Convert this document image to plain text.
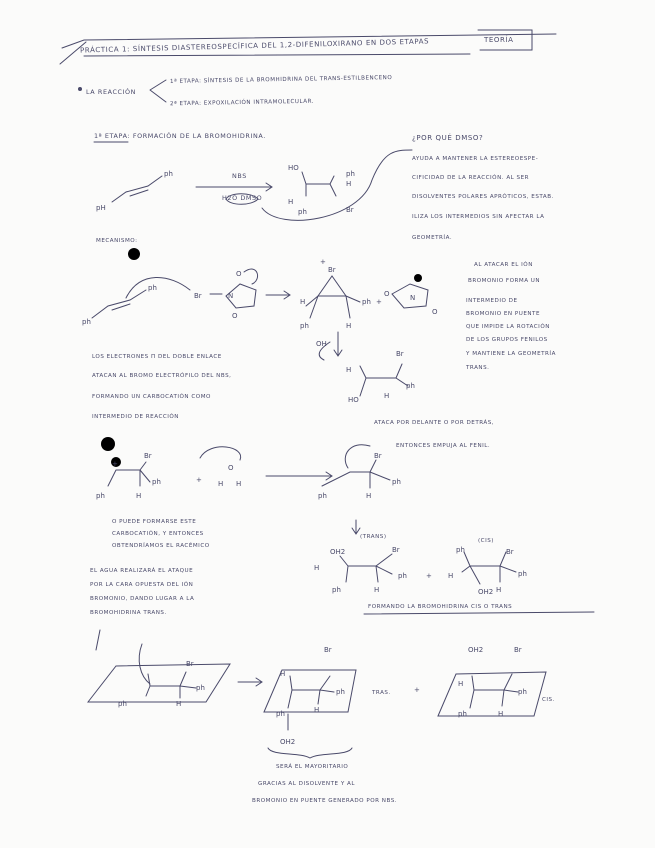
PRÁCTICA 1: SÍNTESIS DIASTEREOSPECÍFICA DEL 1,2-DIFENILOXIRANO EN DOS ETAPAS	TEORÍA
LA REACCIÓN
1ª ETAPA: SÍNTESIS DE LA BROMHIDRINA DEL TRANS-ESTILBENCENO
2ª ETAPA: EXPOXILACIÓN INTRAMOLECULAR.
1ª ETAPA: FORMACIÓN DE LA BROMOHIDRINA.
NBS
H2O DMSO
¿POR QUÉ DMSO?
AYUDA A MANTENER LA ESTEREOESPE-
CIFICIDAD DE LA REACCIÓN. AL SER
DISOLVENTES POLARES APRÓTICOS, ESTAB.
ILIZA LOS INTERMEDIOS SIN AFECTAR LA
GEOMETRÍA.
MECANISMO:
AL ATACAR EL IÓN
BROMONIO FORMA UN
INTERMEDIO DE
BROMONIO EN PUENTE
QUE IMPIDE LA ROTACIÓN
DE LOS GRUPOS FENILOS
Y MANTIENE LA GEOMETRÍA
TRANS.
LOS ELECTRONES Π DEL DOBLE ENLACE
ATACAN AL BROMO ELECTRÓFILO DEL NBS,
FORMANDO UN CARBOCATIÓN COMO
INTERMEDIO DE REACCIÓN
ATACA POR DELANTE O POR DETRÁS,
ENTONCES EMPUJA AL FENIL.
O PUEDE FORMARSE ESTE
CARBOCATIÓN, Y ENTONCES
OBTENDRÍAMOS EL RACÉMICO
EL AGUA REALIZARÁ EL ATAQUE
POR LA CARA OPUESTA DEL IÓN
BROMONIO, DANDO LUGAR A LA
BROMOHIDRINA TRANS.
(TRANS)
(CIS)
FORMANDO LA BROMOHIDRINA CIS O TRANS
TRAS.
CIS.
SERÁ EL MAYORITARIO
GRACIAS AL DISOLVENTE Y AL
BROMONIO EN PUENTE GENERADO POR NBS.
ph
pH
HO
H
ph
ph
H
Br
ph
ph
Br	N
O
O
Br
+
ph	H
ph
H
OH
+	N
O
O
Br
H
HO
ph
H
+
Br
ph
ph
H
+
O
H H
Br
ph
ph	H
OH2
H
ph
Br
ph
H
+
ph
H
OH2
Br
ph
H
Br
ph
ph	H
Br
H
ph
ph
H
OH2
+
OH2	Br
H
ph
ph
H
